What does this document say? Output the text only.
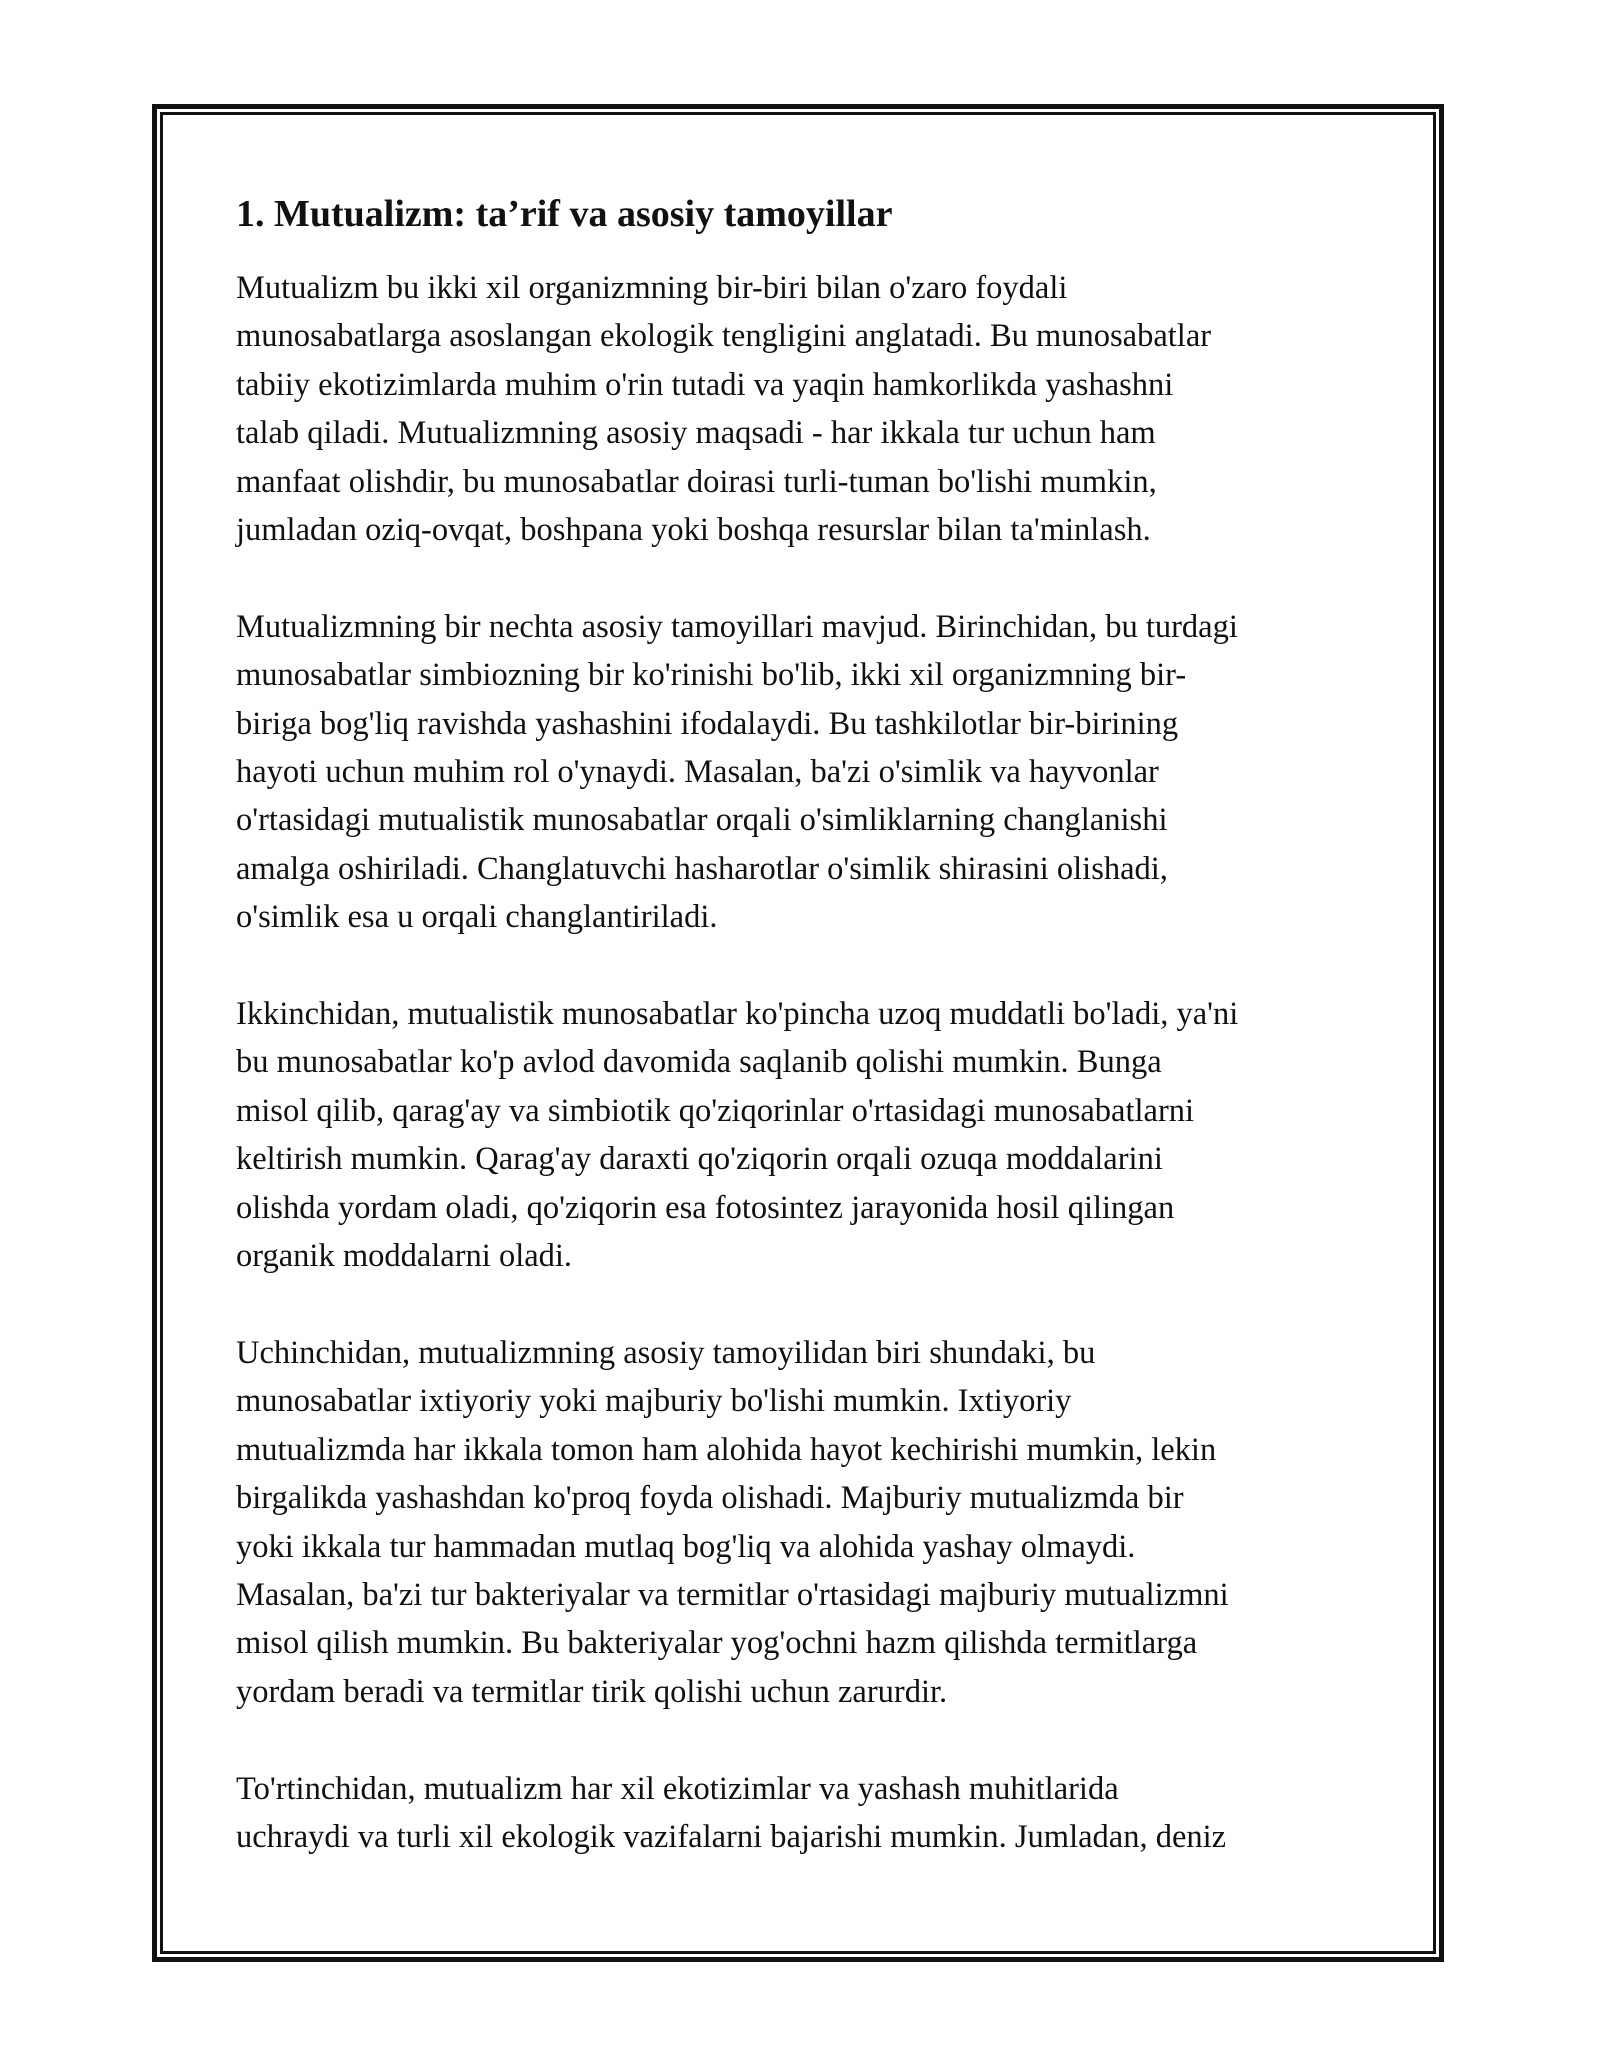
1. Mutualizm: ta’rif va asosiy tamoyillar

Mutualizm bu ikki xil organizmning bir-biri bilan o'zaro foydali
munosabatlarga asoslangan ekologik tengligini anglatadi. Bu munosabatlar
tabiiy ekotizimlarda muhim o'rin tutadi va yaqin hamkorlikda yashashni
talab qiladi. Mutualizmning asosiy maqsadi - har ikkala tur uchun ham
manfaat olishdir, bu munosabatlar doirasi turli-tuman bo'lishi mumkin,
jumladan oziq-ovqat, boshpana yoki boshqa resurslar bilan ta'minlash.

Mutualizmning bir nechta asosiy tamoyillari mavjud. Birinchidan, bu turdagi
munosabatlar simbiozning bir ko'rinishi bo'lib, ikki xil organizmning bir-
biriga bog'liq ravishda yashashini ifodalaydi. Bu tashkilotlar bir-birining
hayoti uchun muhim rol o'ynaydi. Masalan, ba'zi o'simlik va hayvonlar
o'rtasidagi mutualistik munosabatlar orqali o'simliklarning changlanishi
amalga oshiriladi. Changlatuvchi hasharotlar o'simlik shirasini olishadi,
o'simlik esa u orqali changlantiriladi.

Ikkinchidan, mutualistik munosabatlar ko'pincha uzoq muddatli bo'ladi, ya'ni
bu munosabatlar ko'p avlod davomida saqlanib qolishi mumkin. Bunga
misol qilib, qarag'ay va simbiotik qo'ziqorinlar o'rtasidagi munosabatlarni
keltirish mumkin. Qarag'ay daraxti qo'ziqorin orqali ozuqa moddalarini
olishda yordam oladi, qo'ziqorin esa fotosintez jarayonida hosil qilingan
organik moddalarni oladi.

Uchinchidan, mutualizmning asosiy tamoyilidan biri shundaki, bu
munosabatlar ixtiyoriy yoki majburiy bo'lishi mumkin. Ixtiyoriy
mutualizmda har ikkala tomon ham alohida hayot kechirishi mumkin, lekin
birgalikda yashashdan ko'proq foyda olishadi. Majburiy mutualizmda bir
yoki ikkala tur hammadan mutlaq bog'liq va alohida yashay olmaydi.
Masalan, ba'zi tur bakteriyalar va termitlar o'rtasidagi majburiy mutualizmni
misol qilish mumkin. Bu bakteriyalar yog'ochni hazm qilishda termitlarga
yordam beradi va termitlar tirik qolishi uchun zarurdir.

To'rtinchidan, mutualizm har xil ekotizimlar va yashash muhitlarida
uchraydi va turli xil ekologik vazifalarni bajarishi mumkin. Jumladan, deniz
